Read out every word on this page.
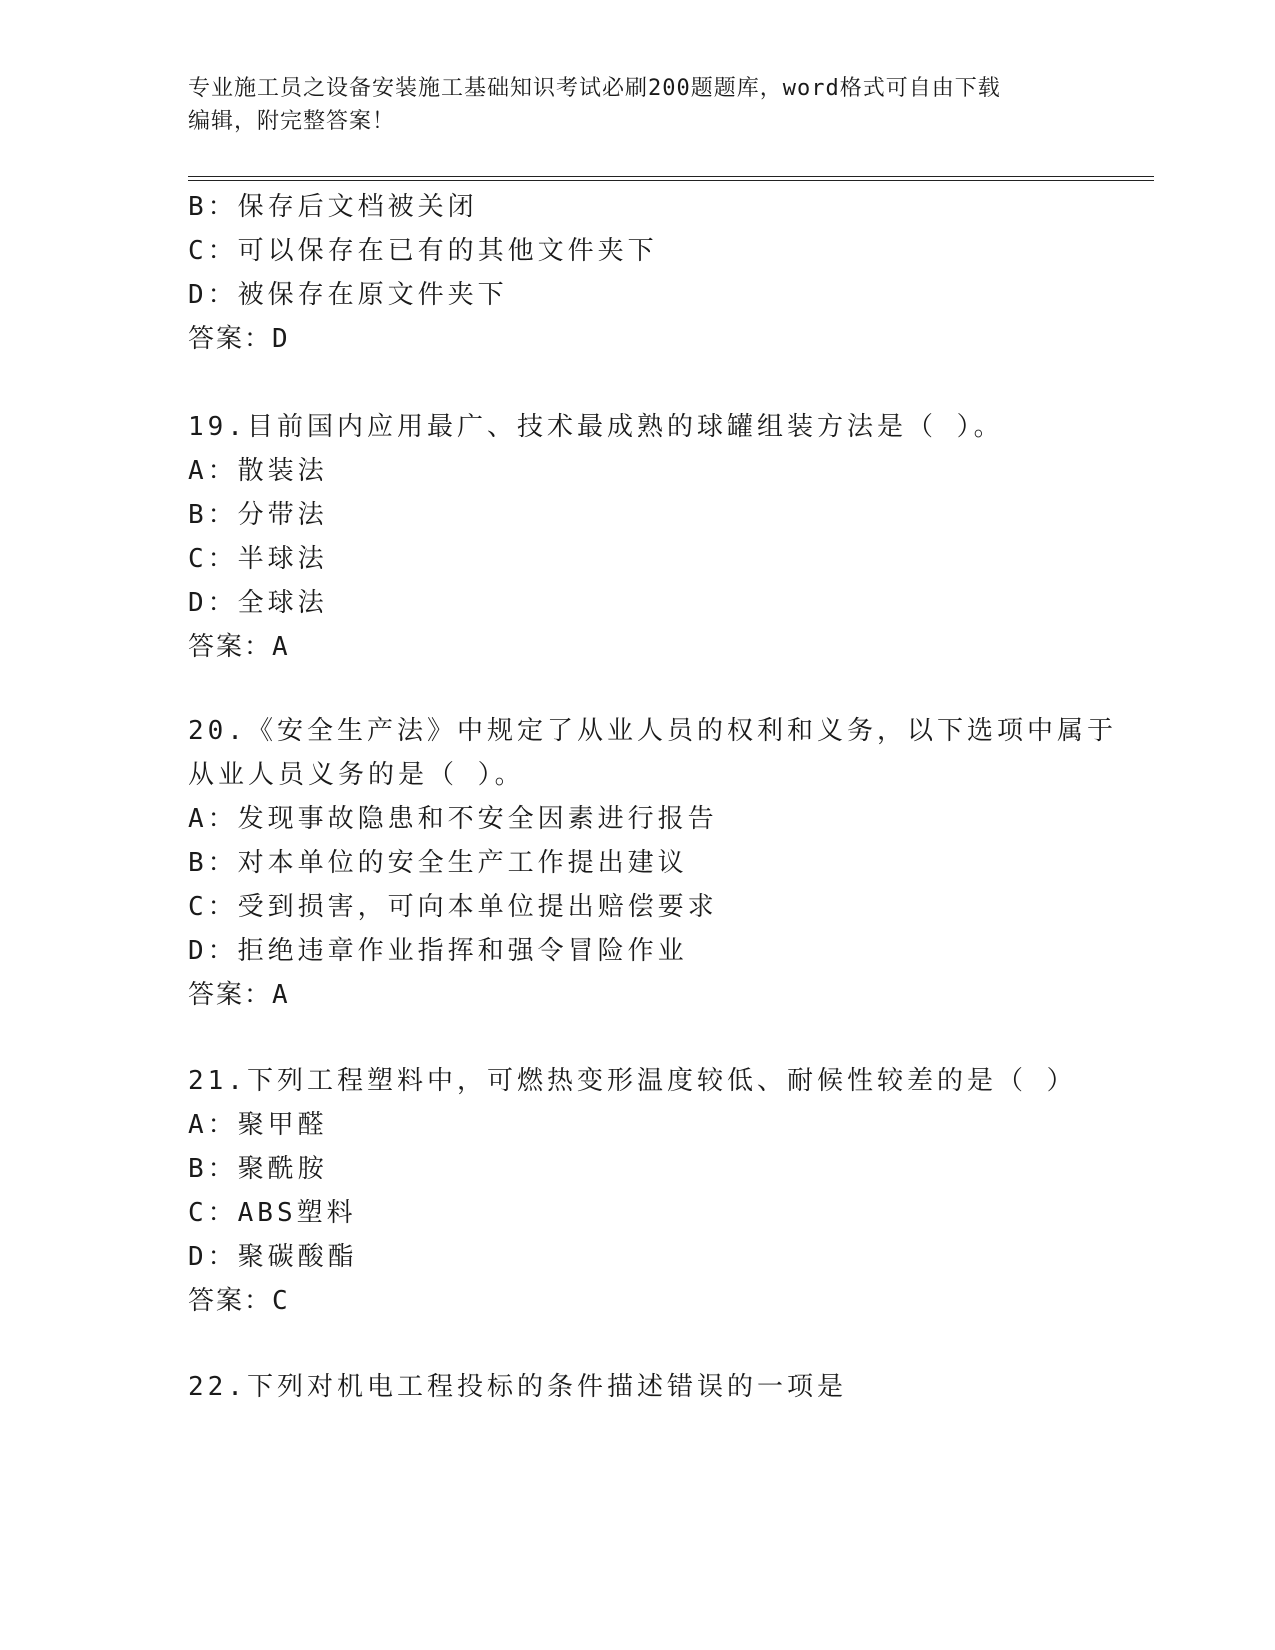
专业施工员之设备安装施工基础知识考试必刷200题题库，word格式可自由下载
编辑，附完整答案！
B：保存后文档被关闭
C：可以保存在已有的其他文件夹下
D：被保存在原文件夹下
答案：D
19.目前国内应用最广、技术最成熟的球罐组装方法是（ ）。
A：散装法
B：分带法
C：半球法
D：全球法
答案：A
20.《安全生产法》中规定了从业人员的权利和义务，以下选项中属于
从业人员义务的是（ ）。
A：发现事故隐患和不安全因素进行报告
B：对本单位的安全生产工作提出建议
C：受到损害，可向本单位提出赔偿要求
D：拒绝违章作业指挥和强令冒险作业
答案：A
21.下列工程塑料中，可燃热变形温度较低、耐候性较差的是（ ）
A：聚甲醛
B：聚酰胺
C：ABS塑料
D：聚碳酸酯
答案：C
22.下列对机电工程投标的条件描述错误的一项是
